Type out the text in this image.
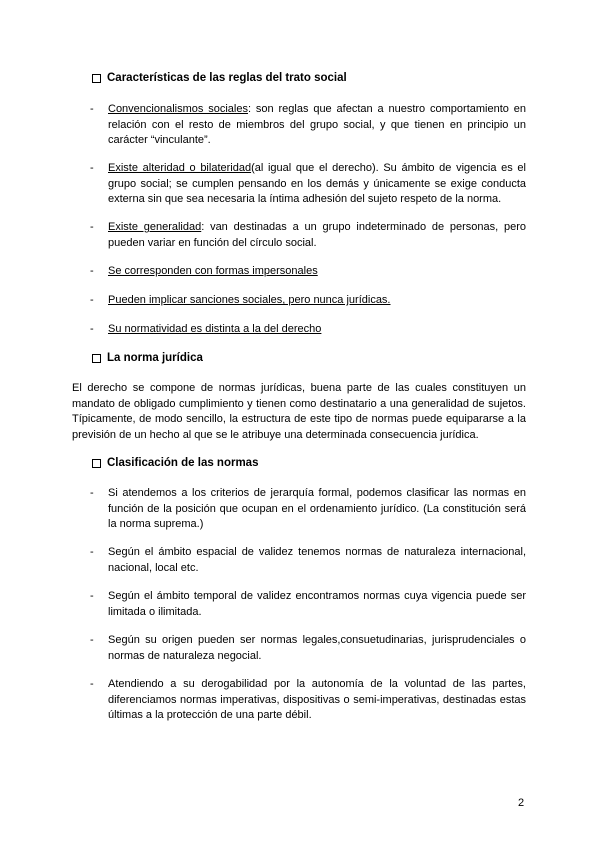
Características de las reglas del trato social
- Convencionalismos sociales: son reglas que afectan a nuestro comportamiento en relación con el resto de miembros del grupo social, y que tienen en principio un carácter “vinculante”.
- Existe alteridad o bilateridad(al igual que el derecho). Su ámbito de vigencia es el grupo social; se cumplen pensando en los demás y únicamente se exige conducta externa sin que sea necesaria la íntima adhesión del sujeto respeto de la norma.
- Existe generalidad: van destinadas a un grupo indeterminado de personas, pero pueden variar en función del círculo social.
- Se corresponden con formas impersonales
- Pueden implicar sanciones sociales, pero nunca jurídicas.
- Su normatividad es distinta a la del derecho
La norma jurídica
El derecho se compone de normas jurídicas, buena parte de las cuales constituyen un mandato de obligado cumplimiento y tienen como destinatario a una generalidad de sujetos. Típicamente, de modo sencillo, la estructura de este tipo de normas puede equipararse a la previsión de un hecho al que se le atribuye una determinada consecuencia jurídica.
Clasificación de las normas
- Si atendemos a los criterios de jerarquía formal, podemos clasificar las normas en función de la posición que ocupan en el ordenamiento jurídico. (La constitución será la norma suprema.)
- Según el ámbito espacial de validez tenemos normas de naturaleza internacional, nacional, local etc.
- Según el ámbito temporal de validez encontramos normas cuya vigencia puede ser limitada o ilimitada.
- Según su origen pueden ser normas legales,consuetudinarias, jurisprudenciales o normas de naturaleza negocial.
- Atendiendo a su derogabilidad por la autonomía de la voluntad de las partes, diferenciamos normas imperativas, dispositivas o semi-imperativas, destinadas estas últimas a la protección de una parte débil.
2
